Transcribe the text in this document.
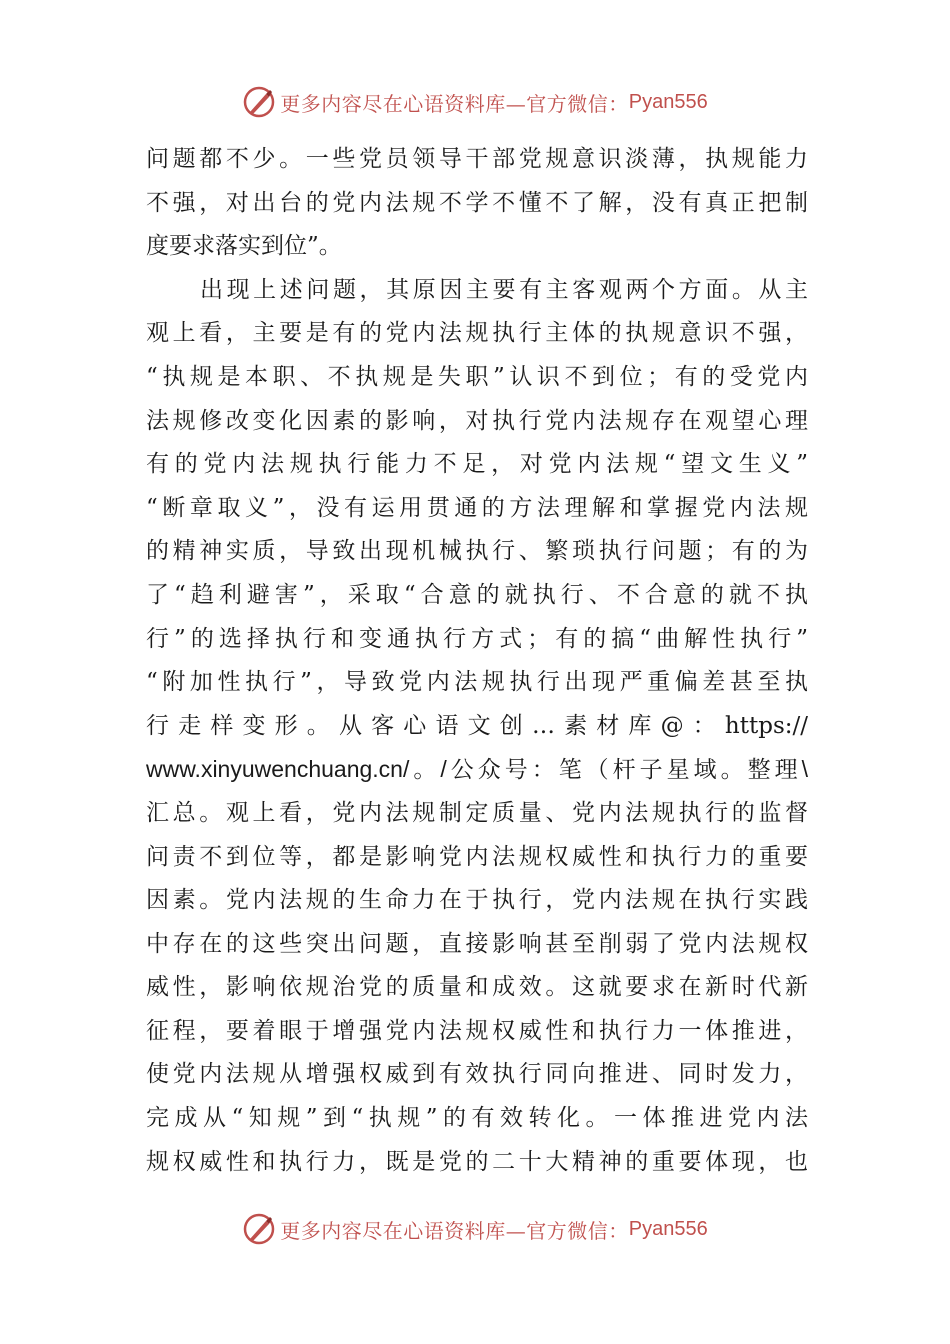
更多内容尽在心语资料库—官方微信： Pyan556
问题都不少。一些党员领导干部党规意识淡薄，执规能力
不强，对出台的党内法规不学不懂不了解，没有真正把制
度要求落实到位”。
出现上述问题，其原因主要有主客观两个方面。从主
观上看，主要是有的党内法规执行主体的执规意识不强，
“执规是本职、不执规是失职”认识不到位；有的受党内
法规修改变化因素的影响，对执行党内法规存在观望心理
有的党内法规执行能力不足，对党内法规“望文生义”
“断章取义”，没有运用贯通的方法理解和掌握党内法规
的精神实质，导致出现机械执行、繁琐执行问题；有的为
了“趋利避害”，采取“合意的就执行、不合意的就不执
行”的选择执行和变通执行方式；有的搞“曲解性执行”
“附加性执行”，导致党内法规执行出现严重偏差甚至执
行走样变形。从客心语文创…素材库@：https://
www.xinyuwenchuang.cn/。/公众号：笔（杆子星域。整理\
汇总。观上看，党内法规制定质量、党内法规执行的监督
问责不到位等，都是影响党内法规权威性和执行力的重要
因素。党内法规的生命力在于执行，党内法规在执行实践
中存在的这些突出问题，直接影响甚至削弱了党内法规权
威性，影响依规治党的质量和成效。这就要求在新时代新
征程，要着眼于增强党内法规权威性和执行力一体推进，
使党内法规从增强权威到有效执行同向推进、同时发力，
完成从“知规”到“执规”的有效转化。一体推进党内法
规权威性和执行力，既是党的二十大精神的重要体现，也
更多内容尽在心语资料库—官方微信： Pyan556
